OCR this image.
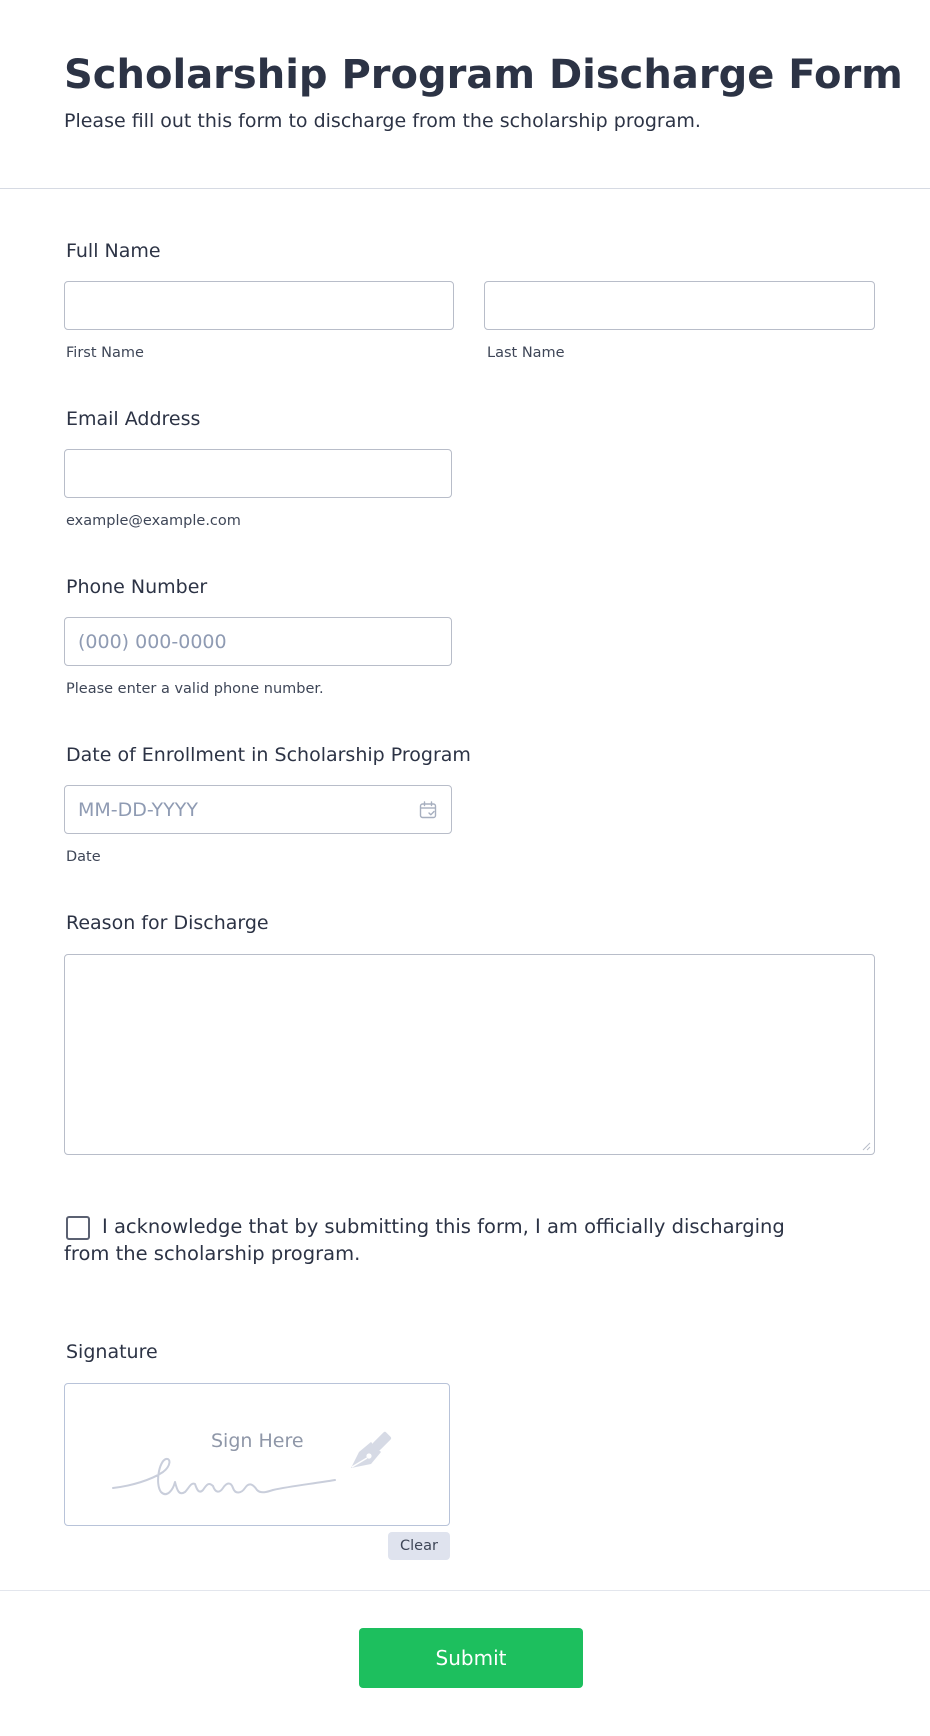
Scholarship Program Discharge Form
Please fill out this form to discharge from the scholarship program.
Full Name
First Name	Last Name
Email Address
example@example.com
Phone Number
(000) 000-0000
Please enter a valid phone number.
Date of Enrollment in Scholarship Program
MM-DD-YYYY
Date
Reason for Discharge
I acknowledge that by submitting this form, I am officially discharging
from the scholarship program.
Signature
Sign Here
Clear
Submit
